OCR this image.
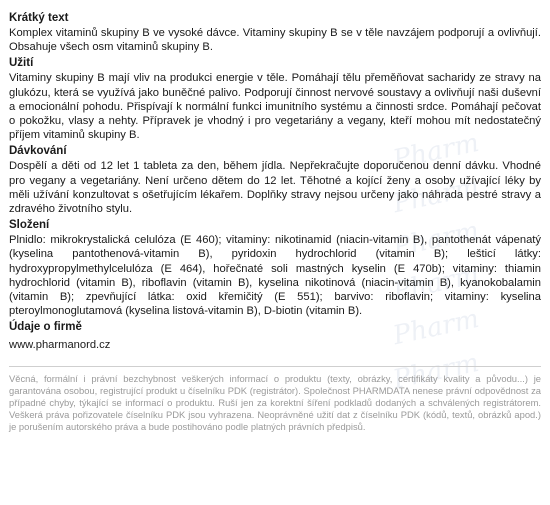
Pharm
Pharm
Pharm
Pharm
Pharm
Pharm
Krátký text

Komplex vitaminů skupiny B ve vysoké dávce. Vitaminy skupiny B se v těle navzájem podporují a ovlivňují. Obsahuje všech osm vitaminů skupiny B.

Užití

Vitaminy skupiny B mají vliv na produkci energie v těle. Pomáhají tělu přeměňovat sacharidy ze stravy na glukózu, která se využívá jako buněčné palivo. Podporují činnost nervové soustavy a ovlivňují naši duševní a emocionální pohodu. Přispívají k normální funkci imunitního systému a činnosti srdce. Pomáhají pečovat o pokožku, vlasy a nehty. Přípravek je vhodný i pro vegetariány a vegany, kteří mohou mít nedostatečný příjem vitaminů skupiny B.

Dávkování

Dospělí a děti od 12 let 1 tableta za den, během jídla. Nepřekračujte doporučenou denní dávku. Vhodné pro vegany a vegetariány. Není určeno dětem do 12 let. Těhotné a kojící ženy a osoby užívající léky by měli užívání konzultovat s ošetřujícím lékařem. Doplňky stravy nejsou určeny jako náhrada pestré stravy a zdravého životního stylu.

Složení

Plnidlo: mikrokrystalická celulóza (E 460); vitaminy: nikotinamid (niacin-vitamin B), pantothenát vápenatý (kyselina pantothenová-vitamin B), pyridoxin hydrochlorid (vitamin B); lešticí látky: hydroxypropylmethylcelulóza (E 464), hořečnaté soli mastných kyselin (E 470b); vitaminy: thiamin hydrochlorid (vitamin B), riboflavin (vitamin B), kyselina nikotinová (niacin-vitamin B), kyanokobalamin (vitamin B); zpevňující látka: oxid křemičitý (E 551); barvivo: riboflavin; vitaminy: kyselina pteroylmonoglutamová (kyselina listová-vitamin B), D-biotin (vitamin B).

Údaje o firmě

www.pharmanord.cz

Věcná, formální i právní bezchybnost veškerých informací o produktu (texty, obrázky, certifikáty kvality a původu...) je garantována osobou, registrující produkt u číselníku PDK (registrátor). Společnost PHARMDATA nenese právní odpovědnost za případné chyby, týkající se informací o produktu. Ruší jen za korektní šíření podkladů dodaných a schválených registrátorem. Veškerá práva pořizovatele číselníku PDK jsou vyhrazena. Neoprávněné užití dat z číselníku PDK (kódů, textů, obrázků apod.) je porušením autorského práva a bude postihováno podle platných právních předpisů.
